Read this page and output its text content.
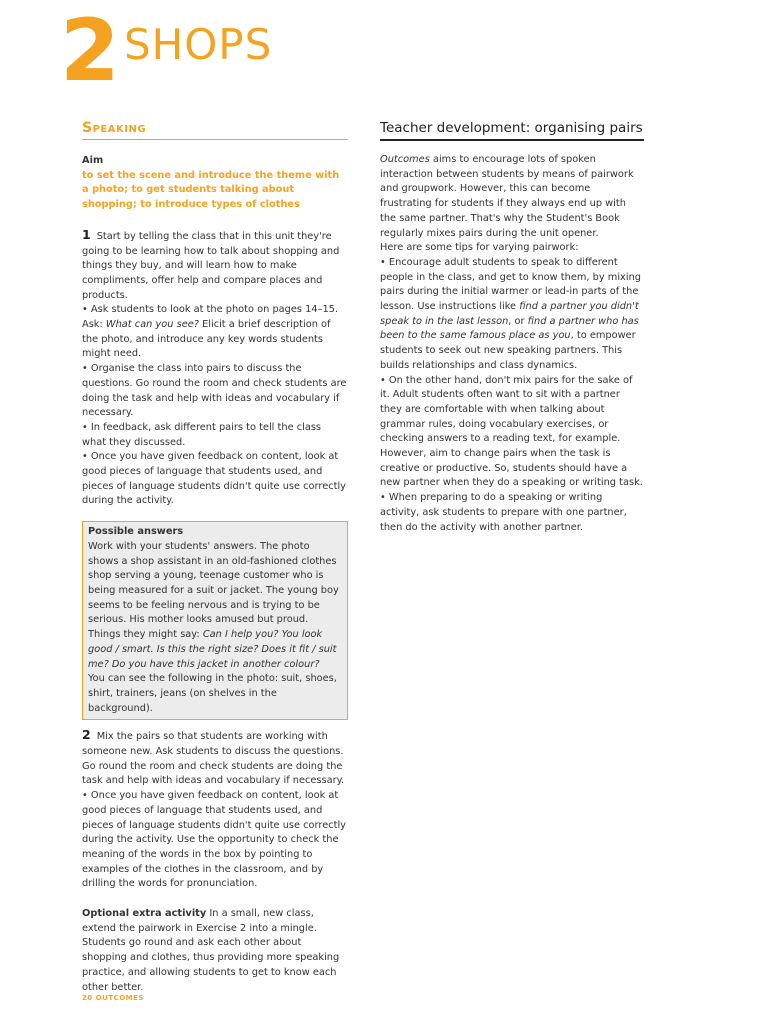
2 SHOPS
Speaking

Aim

to set the scene and introduce the theme with a photo; to get students talking about shopping; to introduce types of clothes

1 Start by telling the class that in this unit they're going to be learning how to talk about shopping and things they buy, and will learn how to make compliments, offer help and compare places and products.

• Ask students to look at the photo on pages 14–15. Ask: What can you see? Elicit a brief description of the photo, and introduce any key words students might need.

• Organise the class into pairs to discuss the questions. Go round the room and check students are doing the task and help with ideas and vocabulary if necessary.

• In feedback, ask different pairs to tell the class what they discussed.

• Once you have given feedback on content, look at good pieces of language that students used, and pieces of language students didn't quite use correctly during the activity.

Possible answers

Work with your students' answers. The photo shows a shop assistant in an old-fashioned clothes shop serving a young, teenage customer who is being measured for a suit or jacket. The young boy seems to be feeling nervous and is trying to be serious. His mother looks amused but proud.

Things they might say: Can I help you? You look good / smart. Is this the right size? Does it fit / suit me? Do you have this jacket in another colour?

You can see the following in the photo: suit, shoes, shirt, trainers, jeans (on shelves in the background).

2 Mix the pairs so that students are working with someone new. Ask students to discuss the questions. Go round the room and check students are doing the task and help with ideas and vocabulary if necessary.

• Once you have given feedback on content, look at good pieces of language that students used, and pieces of language students didn't quite use correctly during the activity. Use the opportunity to check the meaning of the words in the box by pointing to examples of the clothes in the classroom, and by drilling the words for pronunciation.

Optional extra activity In a small, new class, extend the pairwork in Exercise 2 into a mingle. Students go round and ask each other about shopping and clothes, thus providing more speaking practice, and allowing students to get to know each other better.

Teacher development: organising pairs

Outcomes aims to encourage lots of spoken interaction between students by means of pairwork and groupwork. However, this can become frustrating for students if they always end up with the same partner. That's why the Student's Book regularly mixes pairs during the unit opener.

Here are some tips for varying pairwork:

• Encourage adult students to speak to different people in the class, and get to know them, by mixing pairs during the initial warmer or lead-in parts of the lesson. Use instructions like find a partner you didn't speak to in the last lesson, or find a partner who has been to the same famous place as you, to empower students to seek out new speaking partners. This builds relationships and class dynamics.

• On the other hand, don't mix pairs for the sake of it. Adult students often want to sit with a partner they are comfortable with when talking about grammar rules, doing vocabulary exercises, or checking answers to a reading text, for example. However, aim to change pairs when the task is creative or productive. So, students should have a new partner when they do a speaking or writing task.

• When preparing to do a speaking or writing activity, ask students to prepare with one partner, then do the activity with another partner.

20 OUTCOMES
